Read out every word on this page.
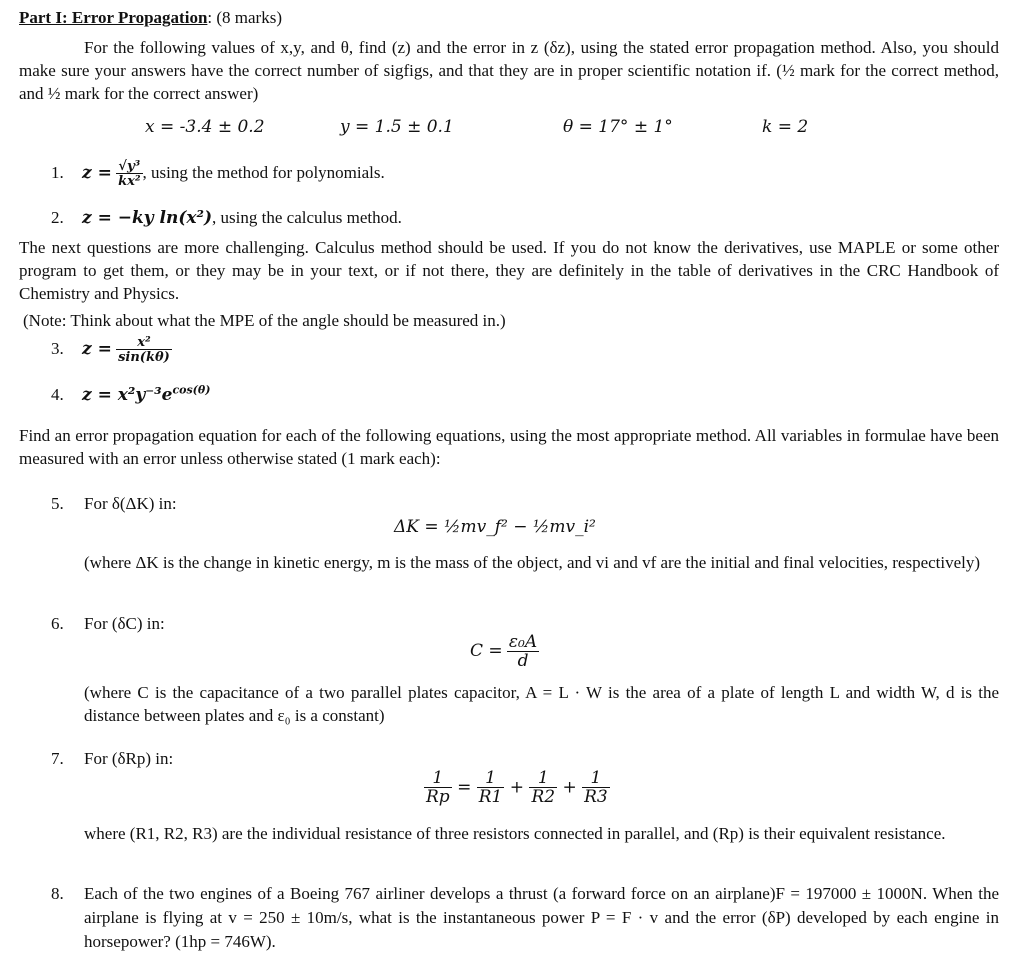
Part I: Error Propagation: (8 marks)
For the following values of x,y, and θ, find (z) and the error in z (δz), using the stated error propagation method. Also, you should make sure your answers have the correct number of sigfigs, and that they are in proper scientific notation if. (½ mark for the correct method, and ½ mark for the correct answer)
x = -3.4 ± 0.2	y = 1.5 ± 0.1	θ = 17° ± 1°	k = 2
1. $z = \frac{\text{√y³}}{\text{kx²}}$ , using the method for polynomials.
2. z = −ky ln(x²), using the calculus method.
The next questions are more challenging. Calculus method should be used. If you do not know the derivatives, use MAPLE or some other program to get them, or they may be in your text, or if not there, they are definitely in the table of derivatives in the CRC Handbook of Chemistry and Physics.
(Note: Think about what the MPE of the angle should be measured in.)
3. $z = \frac{\text{x²}}{\sin(k\theta)}$
4. $z = x^2y^{-3}e^{cos(\theta)}$
Find an error propagation equation for each of the following equations, using the most appropriate method. All variables in formulae have been measured with an error unless otherwise stated (1 mark each):
5. For δ(ΔK) in:
ΔK = ½mv_f² − ½mv_i²
(where ΔK is the change in kinetic energy, m is the mass of the object, and vi and vf are the initial and final velocities, respectively)
6. For (δC) in:
$C = \frac{\text{ε₀A}}{d}$
(where C is the capacitance of a two parallel plates capacitor, A = L · W is the area of a plate of length L and width W, d is the distance between plates and ε₀ is a constant)
7. For (δRp) in:
$\frac{1}{Rp} = \frac{1}{R1} + \frac{1}{R2} + \frac{1}{R3}$
where (R1, R2, R3) are the individual resistance of three resistors connected in parallel, and (Rp) is their equivalent resistance.
8. Each of the two engines of a Boeing 767 airliner develops a thrust (a forward force on an airplane)F = 197000 ± 1000N. When the airplane is flying at v = 250 ± 10m/s, what is the instantaneous power P = F · v and the error (δP) developed by each engine in horsepower? (1hp = 746W).
